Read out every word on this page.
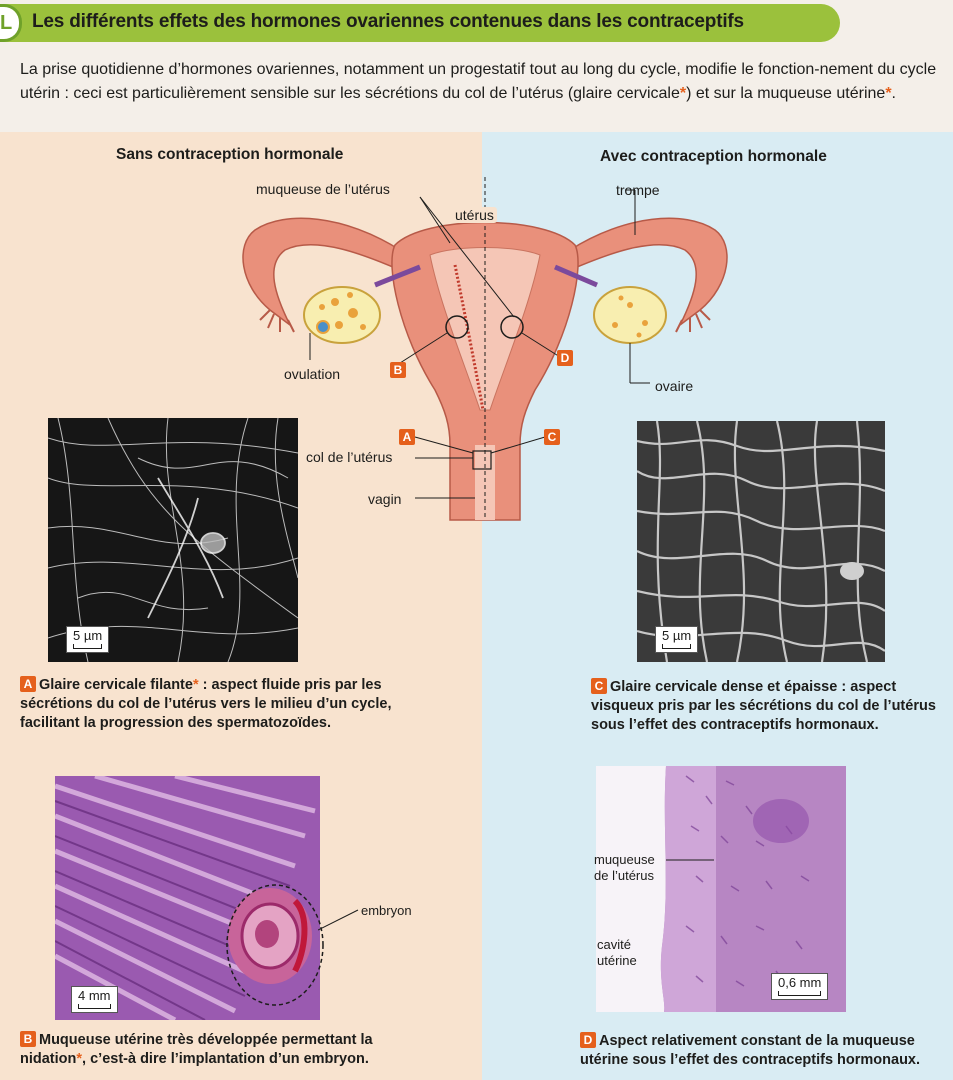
L	Les différents effets des hormones ovariennes contenues dans les contraceptifs
La prise quotidienne d’hormones ovariennes, notamment un progestatif tout au long du cycle, modifie le fonction-nement du cycle utérin : ceci est particulièrement sensible sur les sécrétions du col de l’utérus (glaire cervicale*) et sur la muqueuse utérine*.
Sans contraception hormonale	Avec contraception hormonale
muqueuse de l’utérus
utérus
trompe
ovulation
ovaire
col de l’utérus
vagin
B
D
A	C
5 µm	5 µm
A Glaire cervicale filante* : aspect fluide pris par les sécrétions du col de l’utérus vers le milieu d’un cycle, facilitant la progression des spermatozoïdes.
C Glaire cervicale dense et épaisse : aspect visqueux pris par les sécrétions du col de l’utérus sous l’effet des contraceptifs hormonaux.
4 mm
embryon
0,6 mm
muqueuse
de l’utérus
cavité
utérine
B Muqueuse utérine très développée permettant la nidation*, c’est-à dire l’implantation d’un embryon.
D Aspect relativement constant de la muqueuse utérine sous l’effet des contraceptifs hormonaux.
